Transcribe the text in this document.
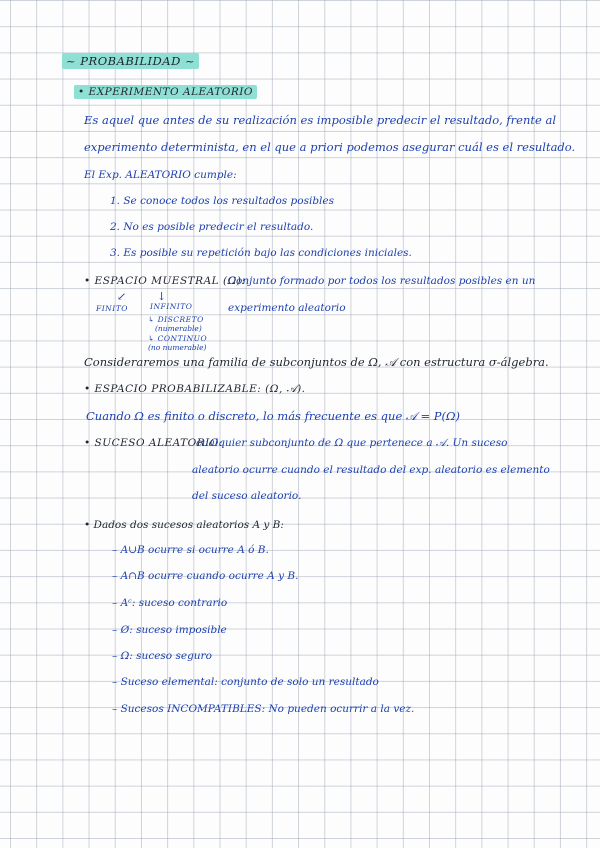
~ PROBABILIDAD ~
• EXPERIMENTO ALEATORIO
Es aquel que antes de su realización es imposible predecir el resultado, frente al
experimento determinista, en el que a priori podemos asegurar cuál es el resultado.
El Exp. ALEATORIO cumple:
1. Se conoce todos los resultados posibles
2. No es posible predecir el resultado.
3. Es posible su repetición bajo las condiciones iniciales.
• ESPACIO MUESTRAL (Ω):
Conjunto formado por todos los resultados posibles en un
↙	↓
FINITO	INFINITO	experimento aleatorio
↳ DISCRETO
(numerable)
↳ CONTINUO
(no numerable)
Consideraremos una familia de subconjuntos de Ω, 𝒜 con estructura σ-álgebra.
• ESPACIO PROBABILIZABLE: (Ω, 𝒜).
Cuando Ω es finito o discreto, lo más frecuente es que 𝒜 = P(Ω)
• SUCESO ALEATORIO:
cualquier subconjunto de Ω que pertenece a 𝒜. Un suceso
aleatorio ocurre cuando el resultado del exp. aleatorio es elemento
del suceso aleatorio.
• Dados dos sucesos aleatorios A y B:
– A∪B ocurre si ocurre A ó B.
– A∩B ocurre cuando ocurre A y B.
– Aᶜ: suceso contrario
– Ø: suceso imposible
– Ω: suceso seguro
– Suceso elemental: conjunto de solo un resultado
– Sucesos INCOMPATIBLES: No pueden ocurrir a la vez.
